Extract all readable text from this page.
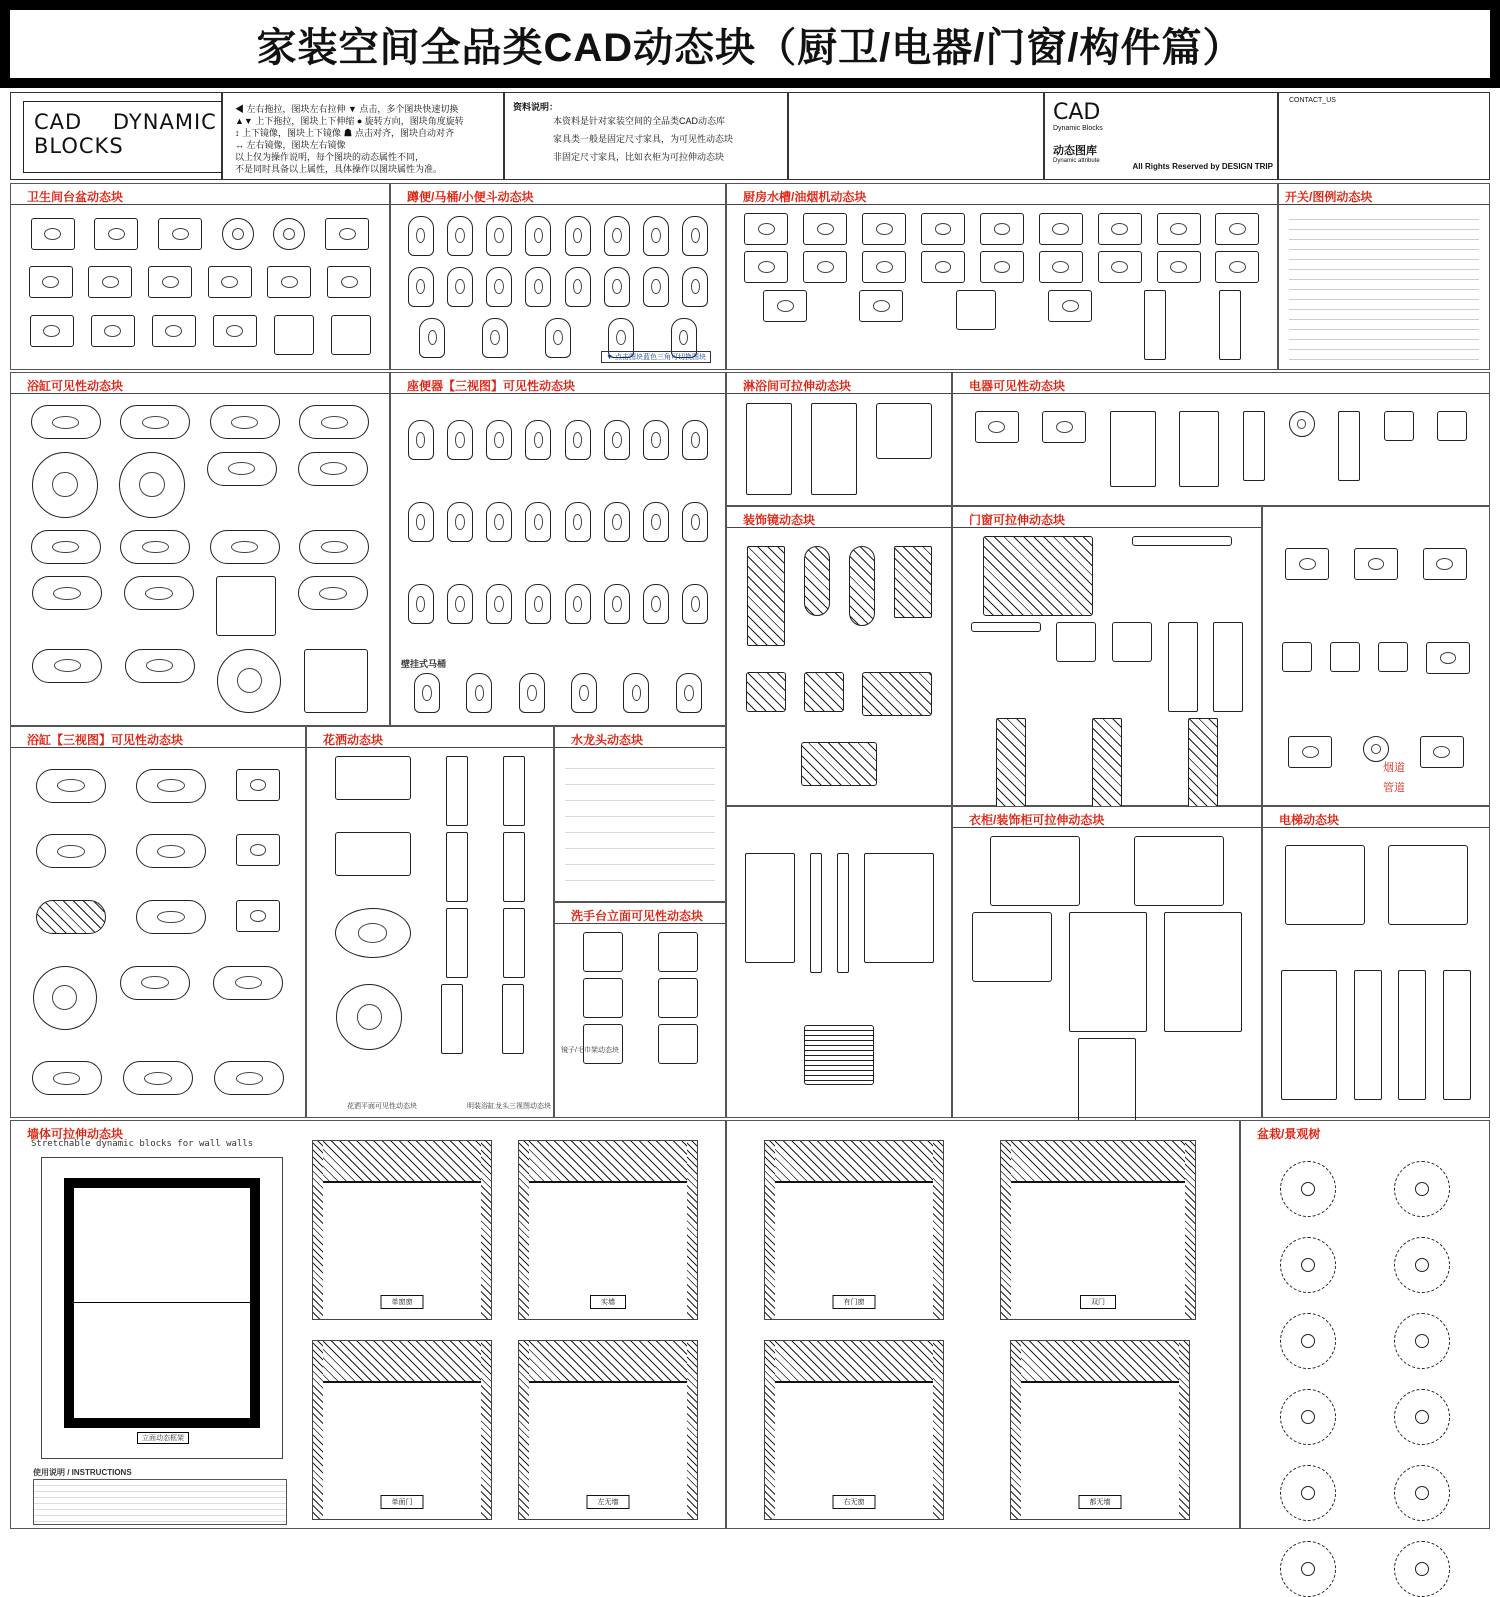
家装空间全品类CAD动态块（厨卫/电器/门窗/构件篇）
CAD    DYNAMIC
BLOCKS
◀ 左右拖拉，图块左右拉伸 ▼ 点击，多个图块快速切换
▲▼ 上下拖拉，图块上下伸缩 ● 旋转方向，图块角度旋转
↕ 上下镜像，图块上下镜像 ☗ 点击对齐，图块自动对齐
↔ 左右镜像，图块左右镜像
以上仅为操作说明，每个图块的动态属性不同，
不是同时具备以上属性，具体操作以图块属性为准。
资料说明：
本资料是针对家装空间的全品类CAD动态库
家具类一般是固定尺寸家具，为可见性动态块
非固定尺寸家具，比如衣柜为可拉伸动态块
CAD
Dynamic Blocks
动态图库
Dynamic attribute
All Rights Reserved by DESIGN TRIP
CONTACT_US
卫生间台盆动态块	蹲便/马桶/小便斗动态块
▼ 点击图块蓝色三角可切换图块
厨房水槽/油烟机动态块	开关/图例动态块
浴缸可见性动态块	座便器【三视图】可见性动态块
壁挂式马桶
淋浴间可拉伸动态块	电器可见性动态块
装饰镜动态块	门窗可拉伸动态块
烟道
管道
浴缸【三视图】可见性动态块	花洒动态块
花洒平面可见性动态块	明装浴缸龙头三视图动态块
水龙头动态块
洗手台立面可见性动态块
镜子/毛巾架动态块
衣柜/装饰柜可拉伸动态块	电梯动态块
墙体可拉伸动态块
Stretchable dynamic blocks for wall walls
立面动态框架
使用说明 / INSTRUCTIONS
单窗窗	实墙
单面门	左无墙
有门窗	双门
右无窗	都无墙
盆栽/景观树
